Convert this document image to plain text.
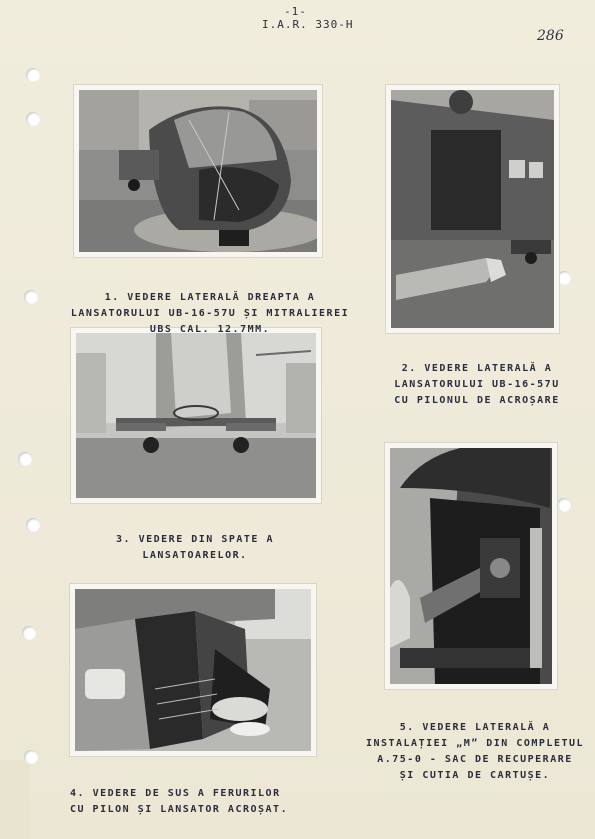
-1-
I.A.R. 330-H
286

1. VEDERE LATERALĂ DREAPTA A
LANSATORULUI UB-16-57U ȘI MITRALIEREI
UBS CAL. 12.7MM.

2. VEDERE LATERALĂ A
LANSATORULUI UB-16-57U
CU PILONUL DE ACROȘARE

3. VEDERE DIN SPATE A
LANSATOARELOR.

4. VEDERE DE SUS A FERURILOR
CU PILON ȘI LANSATOR ACROȘAT.

5. VEDERE LATERALĂ A
INSTALAȚIEI „M” DIN COMPLETUL
A.75-0 - SAC DE RECUPERARE
ȘI CUTIA DE CARTUȘE.
